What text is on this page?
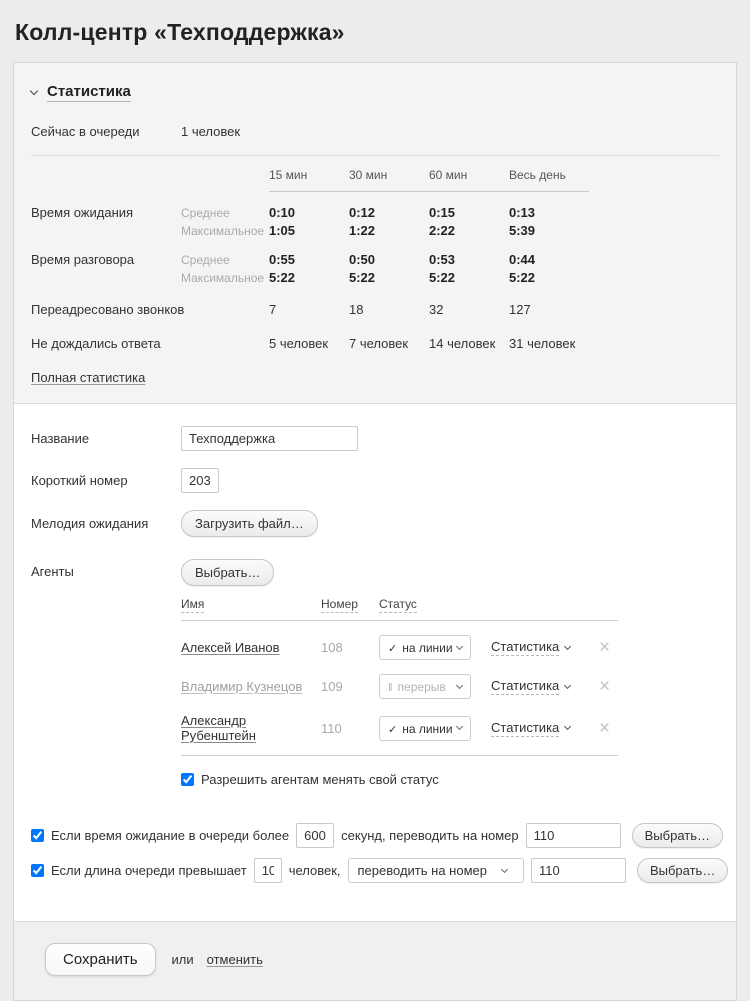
Колл-центр «Техподдержка»
Статистика
Сейчас в очереди	1 человек
15 мин	30 мин	60 мин	Весь день
Время ожидания	Среднее	0:10	0:12	0:15	0:13
Максимальное 1:05	1:22	2:22	5:39
Время разговора	Среднее	0:55	0:50	0:53	0:44
Максимальное 5:22	5:22	5:22	5:22
Переадресовано звонков	7	18	32	127
Не дождались ответа	5 человек	7 человек	14 человек	31 человек
Полная статистика
Название
Техподдержка
Короткий номер
203
Мелодия ожидания	Загрузить файл…
Агенты	Выбрать…
Имя	Номер	Статус
Алексей Иванов	108	✓ на линии	Статистика	×
Владимир Кузнецов	109	‖ перерыв	Статистика	×
Александр Рубенштейн	110	✓ на линии	Статистика	×
Разрешить агентам менять свой статус
Если время ожидание в очереди более
600	секунд, переводить на номер
110	Выбрать…
Если длина очереди превышает
10	человек, переводить на номер
110	Выбрать…
Сохранить	или отменить
